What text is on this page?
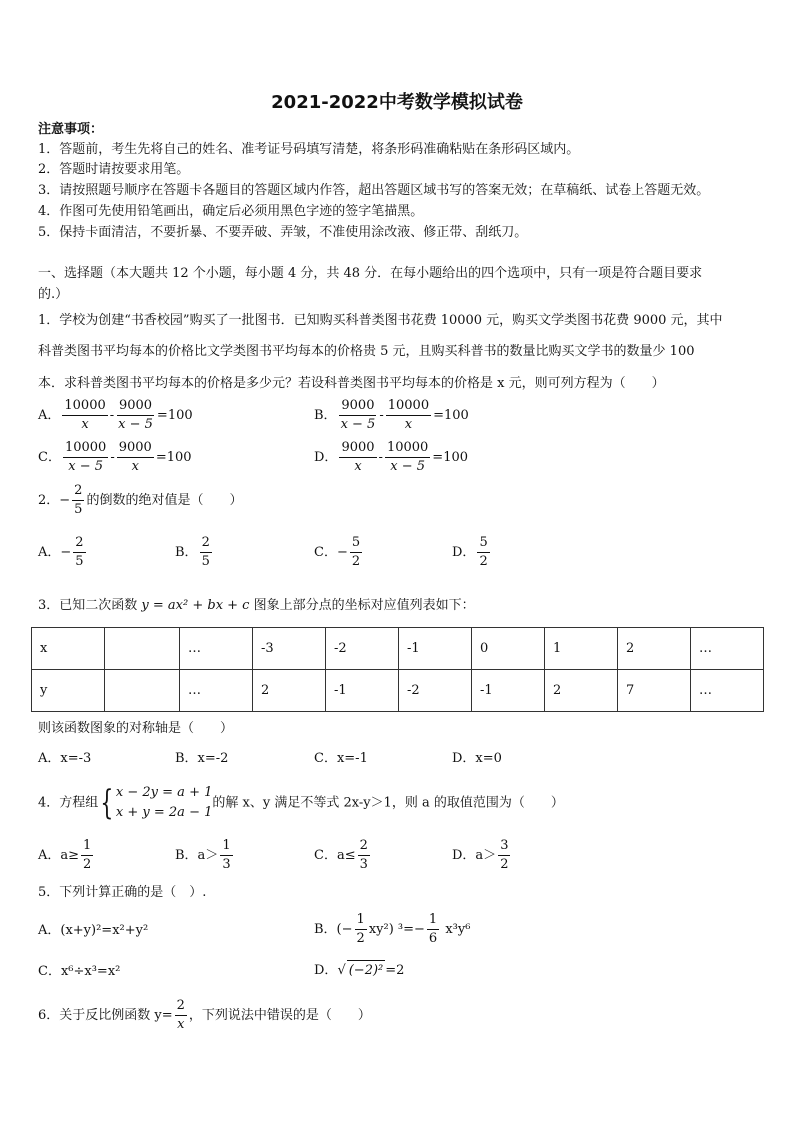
2021-2022中考数学模拟试卷
注意事项：
1．答题前，考生先将自己的姓名、准考证号码填写清楚，将条形码准确粘贴在条形码区域内。
2．答题时请按要求用笔。
3．请按照题号顺序在答题卡各题目的答题区域内作答，超出答题区域书写的答案无效；在草稿纸、试卷上答题无效。
4．作图可先使用铅笔画出，确定后必须用黑色字迹的签字笔描黑。
5．保持卡面清洁，不要折暴、不要弄破、弄皱，不准使用涂改液、修正带、刮纸刀。
一、选择题（本大题共 12 个小题，每小题 4 分，共 48 分．在每小题给出的四个选项中，只有一项是符合题目要求
的.）
1．学校为创建“书香校园”购买了一批图书．已知购买科普类图书花费 10000 元，购买文学类图书花费 9000 元，其中
科普类图书平均每本的价格比文学类图书平均每本的价格贵 5 元，且购买科普书的数量比购买文学书的数量少 100
本．求科普类图书平均每本的价格是多少元？若设科普类图书平均每本的价格是 x 元，则可列方程为（　　）
A． $\frac{10000}{x} - \frac{9000}{x - 5} =100$	B． $\frac{9000}{x - 5} - \frac{10000}{x} =100$
C． $\frac{10000}{x - 5} - \frac{9000}{x} =100$	D． $\frac{9000}{x} - \frac{10000}{x - 5} =100$
2．− $\frac{2}{5}$ 的倒数的绝对值是（　　）
A．− $\frac{2}{5}$	B． $\frac{2}{5}$	C．− $\frac{5}{2}$	D． $\frac{5}{2}$
3．已知二次函数 y = ax² + bx + c 图象上部分点的坐标对应值列表如下：
x		…	-3	-2	-1	0	1	2	…
y		…	2	-1	-2	-1	2	7	…
则该函数图象的对称轴是（　　）
A．x=-3	B．x=-2	C．x=-1	D．x=0
4．方程组{ x − 2y = a + 1
x + y = 2a − 1
的解 x、y 满足不等式 2x-y＞1，则 a 的取值范围为（　　）
A．$a\ge \frac{1}{2}$	B．$a> \frac{1}{3}$	C．$a\le \frac{2}{3}$	D．$a> \frac{3}{2}$
5．下列计算正确的是（　）.
A．(x+y)²=x²+y²	B．(− $\frac{1}{2} xy^2$) $^3=- \frac{1}{6} x^3y^6$
C．x⁶÷x³=x²	D．√ (−2)² =2
6．关于反比例函数 $y= \frac{2}{x}$ ，下列说法中错误的是（　　）
